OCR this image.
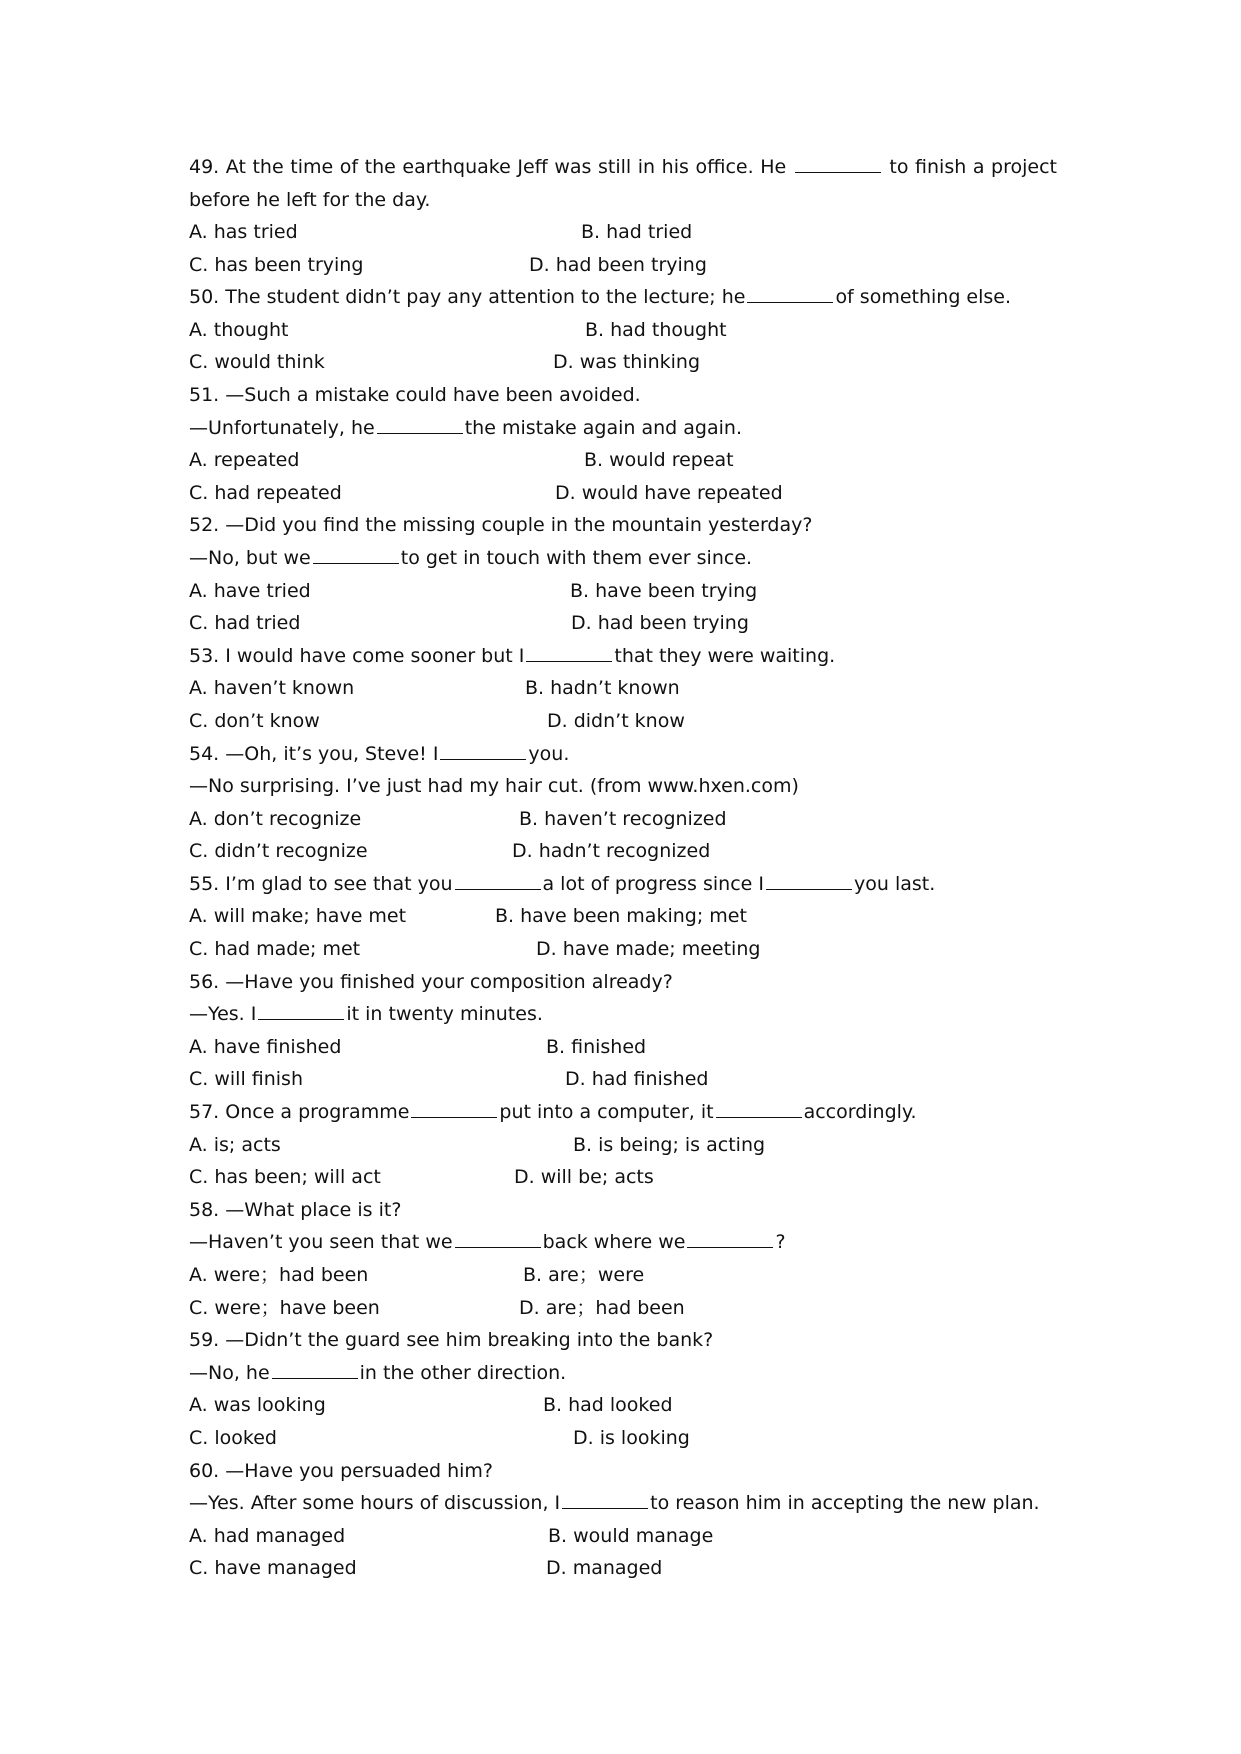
49. At the time of the earthquake Jeff was still in his office. He	to finish a project before he left for the day.
A. has tried	B. had tried
C. has been trying	D. had been trying
50. The student didn’t pay any attention to the lecture; he	of something else.
A. thought	B. had thought
C. would think	D. was thinking
51. —Such a mistake could have been avoided.
—Unfortunately, he	the mistake again and again.
A. repeated	B. would repeat
C. had repeated	D. would have repeated
52. —Did you find the missing couple in the mountain yesterday?
—No, but we	to get in touch with them ever since.
A. have tried	B. have been trying
C. had tried	D. had been trying
53. I would have come sooner but I	that they were waiting.
A. haven’t known	B. hadn’t known
C. don’t know	D. didn’t know
54. —Oh, it’s you, Steve! I	you.
—No surprising. I’ve just had my hair cut. (from www.hxen.com)
A. don’t recognize	B. haven’t recognized
C. didn’t recognize	D. hadn’t recognized
55. I’m glad to see that you	a lot of progress since I	you last.
A. will make; have met	B. have been making; met
C. had made; met	D. have made; meeting
56. —Have you finished your composition already?
—Yes. I	it in twenty minutes.
A. have finished	B. finished
C. will finish	D. had finished
57. Once a programme	put into a computer, it	accordingly.
A. is; acts	B. is being; is acting
C. has been; will act	D. will be; acts
58. —What place is it?
—Haven’t you seen that we	back where we	?
A. were；had been	B. are；were
C. were；have been	D. are；had been
59. —Didn’t the guard see him breaking into the bank?
—No, he	in the other direction.
A. was looking	B. had looked
C. looked	D. is looking
60. —Have you persuaded him?
—Yes. After some hours of discussion, I	to reason him in accepting the new plan.
A. had managed	B. would manage
C. have managed	D. managed
